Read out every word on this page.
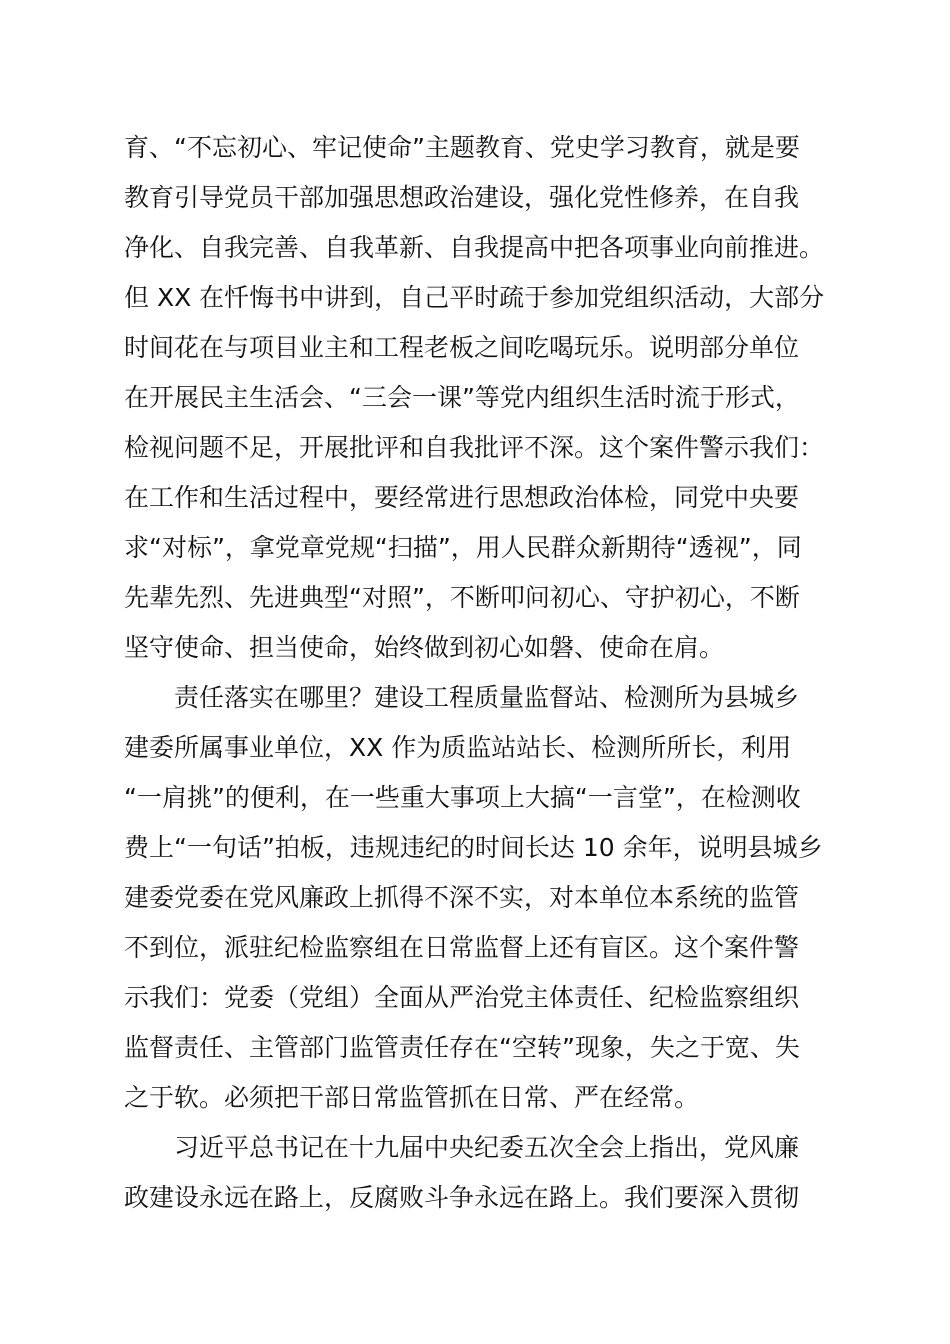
育、“不忘初心、牢记使命”主题教育、党史学习教育，就是要
教育引导党员干部加强思想政治建设，强化党性修养，在自我
净化、自我完善、自我革新、自我提高中把各项事业向前推进。
但 XX 在忏悔书中讲到，自己平时疏于参加党组织活动，大部分
时间花在与项目业主和工程老板之间吃喝玩乐。说明部分单位
在开展民主生活会、“三会一课”等党内组织生活时流于形式，
检视问题不足，开展批评和自我批评不深。这个案件警示我们：
在工作和生活过程中，要经常进行思想政治体检，同党中央要
求“对标”，拿党章党规“扫描”，用人民群众新期待“透视”，同
先辈先烈、先进典型“对照”，不断叩问初心、守护初心，不断
坚守使命、担当使命，始终做到初心如磐、使命在肩。
责任落实在哪里？建设工程质量监督站、检测所为县城乡
建委所属事业单位，XX 作为质监站站长、检测所所长，利用
“一肩挑”的便利，在一些重大事项上大搞“一言堂”，在检测收
费上“一句话”拍板，违规违纪的时间长达 10 余年，说明县城乡
建委党委在党风廉政上抓得不深不实，对本单位本系统的监管
不到位，派驻纪检监察组在日常监督上还有盲区。这个案件警
示我们：党委（党组）全面从严治党主体责任、纪检监察组织
监督责任、主管部门监管责任存在“空转”现象，失之于宽、失
之于软。必须把干部日常监管抓在日常、严在经常。
习近平总书记在十九届中央纪委五次全会上指出，党风廉
政建设永远在路上，反腐败斗争永远在路上。我们要深入贯彻
